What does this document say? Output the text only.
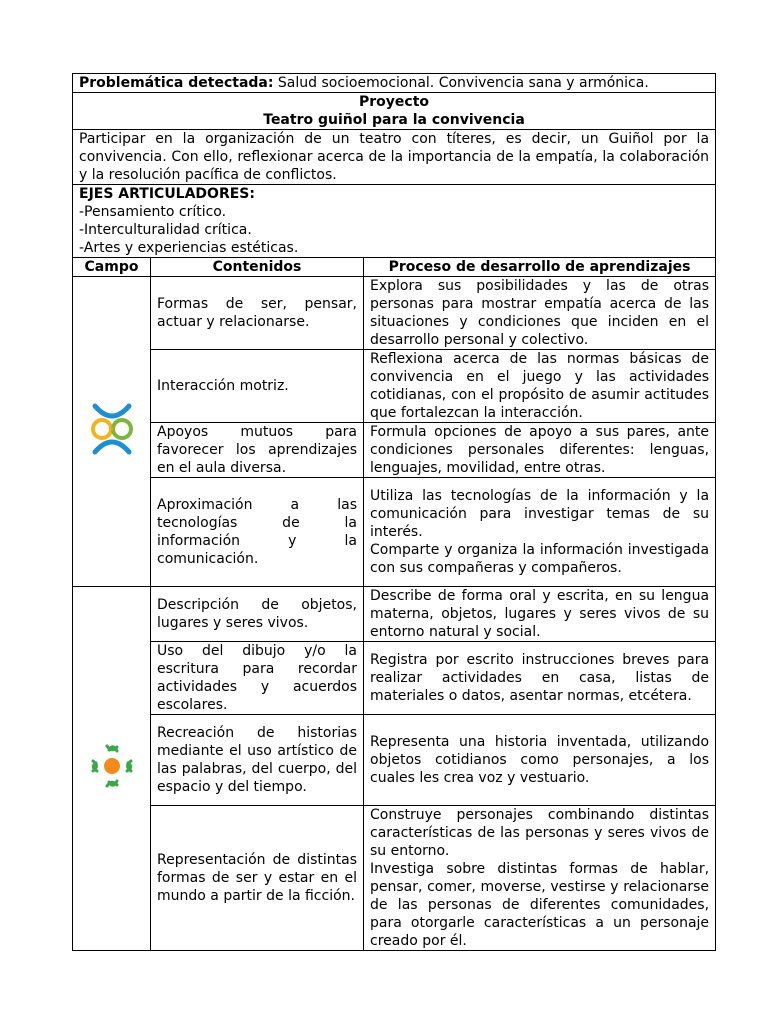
Problemática detectada: Salud socioemocional. Convivencia sana y armónica.		

Proyecto
Teatro guiñol para la convivencia		

Participar en la organización de un teatro con títeres, es decir, un Guiñol por la convivencia. Con ello, reflexionar acerca de la importancia de la empatía, la colaboración y la resolución pacífica de conflictos.		

EJES ARTICULADORES:
-Pensamiento crítico.
-Interculturalidad crítica.
-Artes y experiencias estéticas.		

Campo	Contenidos	Proceso de desarrollo de aprendizajes
	Formas de ser, pensar, actuar y relacionarse.	Explora sus posibilidades y las de otras personas para mostrar empatía acerca de las situaciones y condiciones que inciden en el desarrollo personal y colectivo.

	Interacción motriz.	Reflexiona acerca de las normas básicas de convivencia en el juego y las actividades cotidianas, con el propósito de asumir actitudes que fortalezcan la interacción.

	Apoyos mutuos para favorecer los aprendizajes en el aula diversa.	Formula opciones de apoyo a sus pares, ante condiciones personales diferentes: lenguas, lenguajes, movilidad, entre otras.

	Aproximación a las tecnologías de la información y la comunicación.	Utiliza las tecnologías de la información y la comunicación para investigar temas de su interés.

Comparte y organiza la información investigada con sus compañeras y compañeros.

	Descripción de objetos, lugares y seres vivos.	Describe de forma oral y escrita, en su lengua materna, objetos, lugares y seres vivos de su entorno natural y social.

	Uso del dibujo y/o la escritura para recordar actividades y acuerdos escolares.	Registra por escrito instrucciones breves para realizar actividades en casa, listas de materiales o datos, asentar normas, etcétera.

	Recreación de historias mediante el uso artístico de las palabras, del cuerpo, del espacio y del tiempo.	Representa una historia inventada, utilizando objetos cotidianos como personajes, a los cuales les crea voz y vestuario.

	Representación de distintas formas de ser y estar en el mundo a partir de la ficción.	Construye personajes combinando distintas características de las personas y seres vivos de su entorno.

Investiga sobre distintas formas de hablar, pensar, comer, moverse, vestirse y relacionarse de las personas de diferentes comunidades, para otorgarle características a un personaje creado por él.
